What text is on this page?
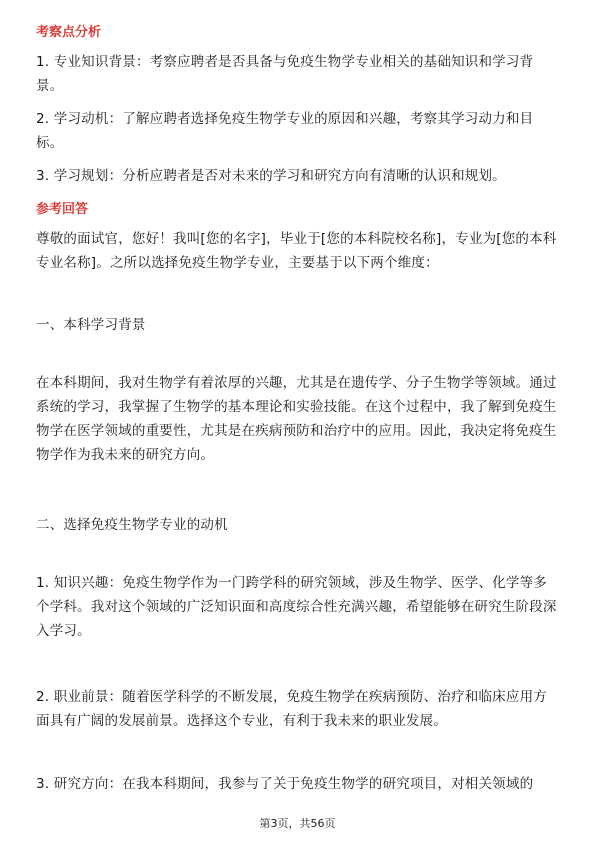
考察点分析

1. 专业知识背景：考察应聘者是否具备与免疫生物学专业相关的基础知识和学习背景。

2. 学习动机：了解应聘者选择免疫生物学专业的原因和兴趣，考察其学习动力和目标。

3. 学习规划：分析应聘者是否对未来的学习和研究方向有清晰的认识和规划。

参考回答

尊敬的面试官，您好！我叫[您的名字]，毕业于[您的本科院校名称]，专业为[您的本科专业名称]。之所以选择免疫生物学专业，主要基于以下两个维度：

一、本科学习背景

在本科期间，我对生物学有着浓厚的兴趣，尤其是在遗传学、分子生物学等领域。通过系统的学习，我掌握了生物学的基本理论和实验技能。在这个过程中，我了解到免疫生物学在医学领域的重要性，尤其是在疾病预防和治疗中的应用。因此，我决定将免疫生物学作为我未来的研究方向。

二、选择免疫生物学专业的动机

1. 知识兴趣：免疫生物学作为一门跨学科的研究领域，涉及生物学、医学、化学等多个学科。我对这个领域的广泛知识面和高度综合性充满兴趣，希望能够在研究生阶段深入学习。

2. 职业前景：随着医学科学的不断发展，免疫生物学在疾病预防、治疗和临床应用方面具有广阔的发展前景。选择这个专业，有利于我未来的职业发展。

3. 研究方向：在我本科期间，我参与了关于免疫生物学的研究项目，对相关领域的

第3页，共56页
